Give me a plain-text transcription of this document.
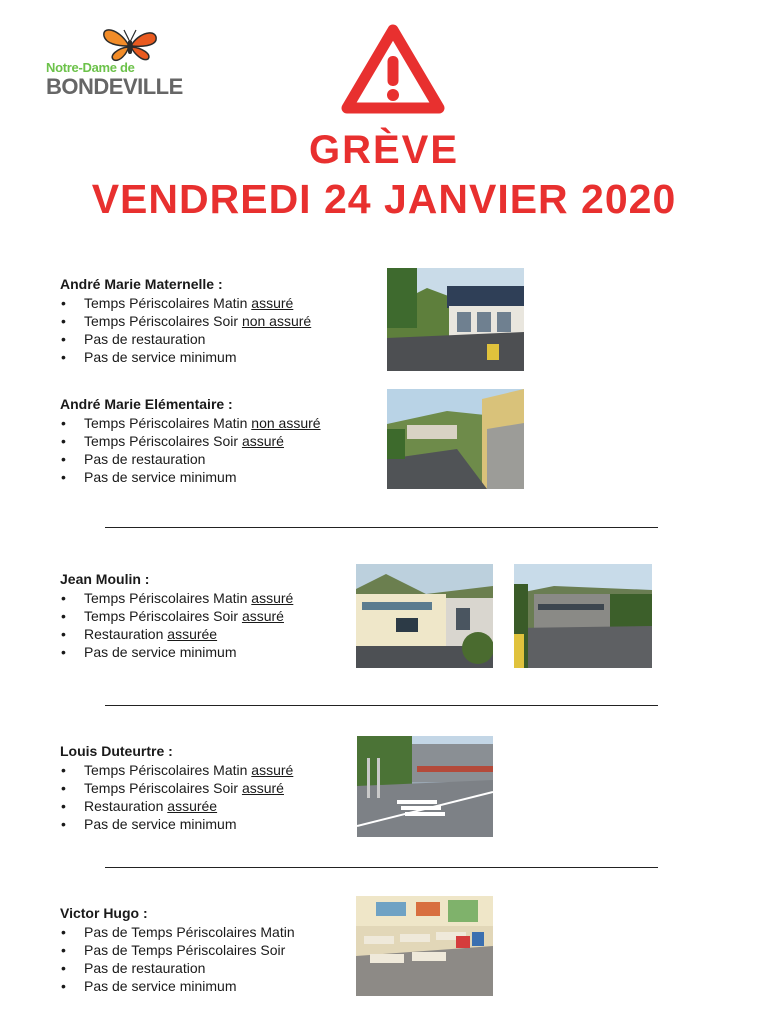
Notre-Dame de
BONDEVILLE
GRÈVE
VENDREDI 24 JANVIER 2020
André Marie Maternelle :
• Temps Périscolaires Matin assuré
• Temps Périscolaires Soir non assuré
• Pas de restauration
• Pas de service minimum
André Marie Elémentaire :
• Temps Périscolaires Matin non assuré
• Temps Périscolaires Soir assuré
• Pas de restauration
• Pas de service minimum
Jean Moulin :
• Temps Périscolaires Matin assuré
• Temps Périscolaires Soir assuré
• Restauration assurée
• Pas de service minimum
Louis Duteurtre :
• Temps Périscolaires Matin assuré
• Temps Périscolaires Soir assuré
• Restauration assurée
• Pas de service minimum
Victor Hugo :
• Pas de Temps Périscolaires Matin
• Pas de Temps Périscolaires Soir
• Pas de restauration
• Pas de service minimum
